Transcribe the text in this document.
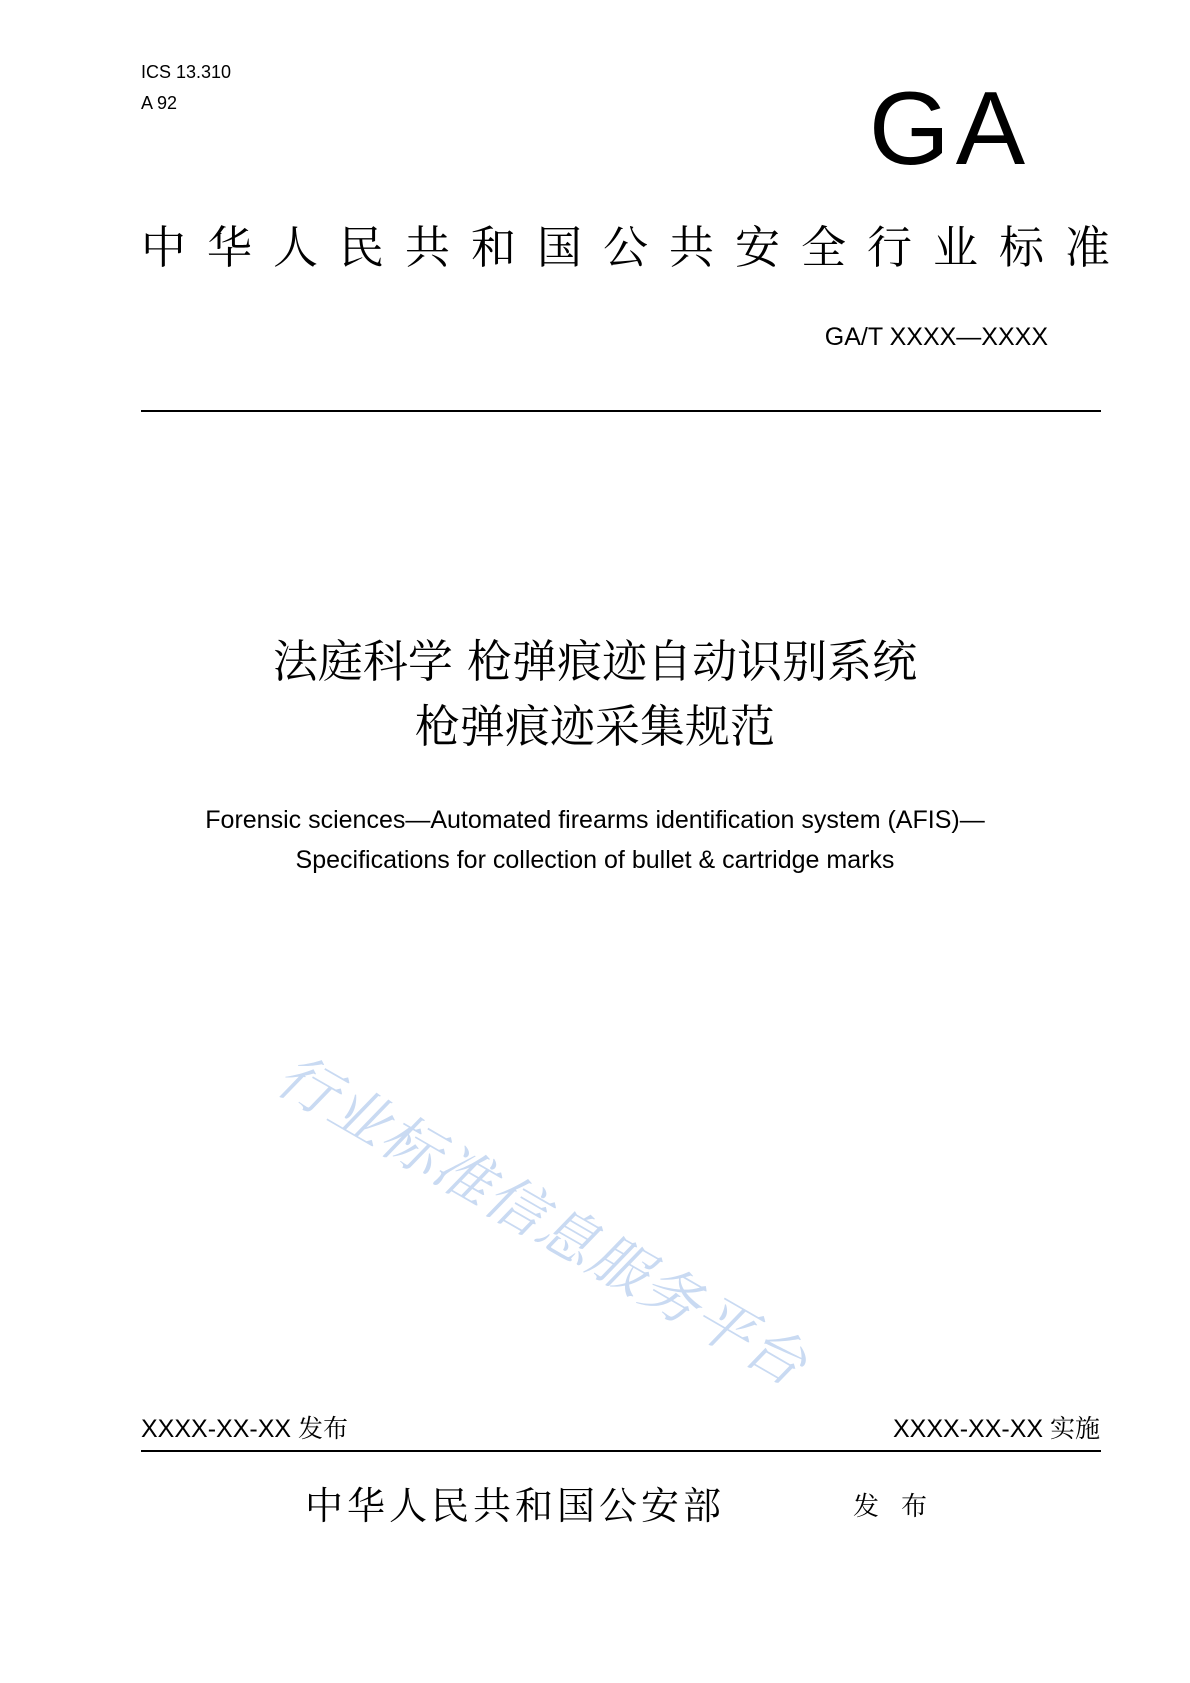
ICS 13.310
A 92	GA
中华人民共和国公共安全行业标准
GA/T XXXX—XXXX
法庭科学 枪弹痕迹自动识别系统
枪弹痕迹采集规范
Forensic sciences—Automated firearms identification system (AFIS)—
Specifications for collection of bullet & cartridge marks
行业标准信息服务平台
XXXX-XX-XX 发布	XXXX-XX-XX 实施
中华人民共和国公安部	发布
